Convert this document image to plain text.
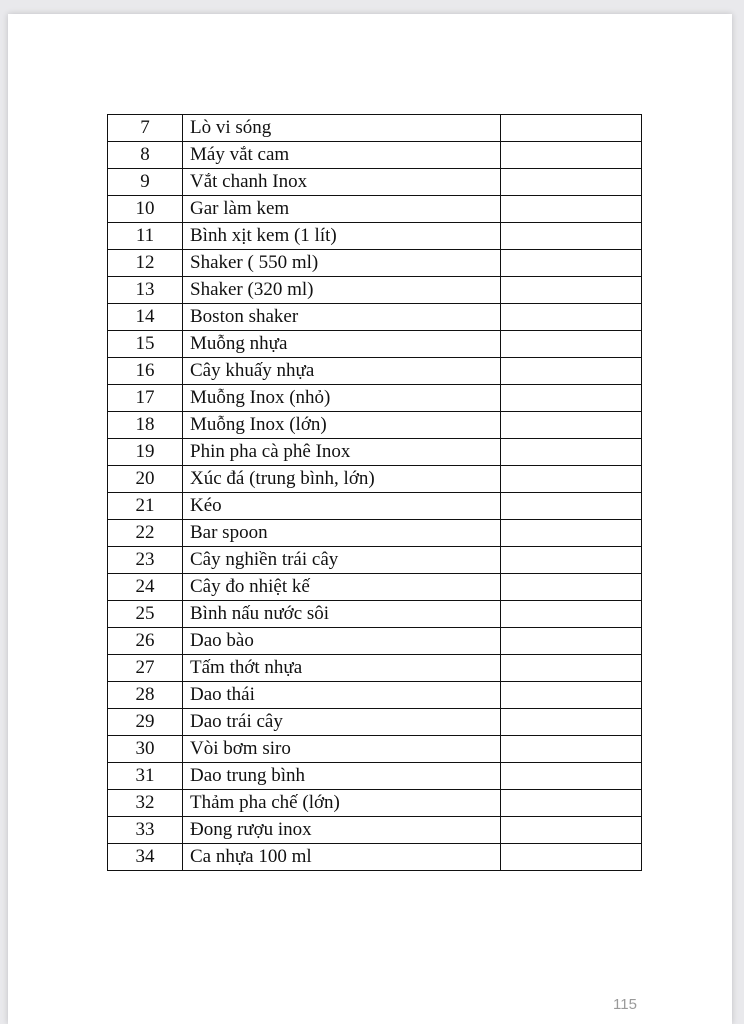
7	Lò vi sóng	
8	Máy vắt cam	
9	Vắt chanh Inox	
10	Gar làm kem	
11	Bình xịt kem (1 lít)	
12	Shaker ( 550 ml)	
13	Shaker (320 ml)	
14	Boston shaker	
15	Muỗng nhựa	
16	Cây khuấy nhựa	
17	Muỗng Inox (nhỏ)	
18	Muỗng Inox (lớn)	
19	Phin pha cà phê Inox	
20	Xúc đá (trung bình, lớn)	
21	Kéo	
22	Bar spoon	
23	Cây nghiền trái cây	
24	Cây đo nhiệt kế	
25	Bình nấu nước sôi	
26	Dao bào	
27	Tấm thớt nhựa	
28	Dao thái	
29	Dao trái cây	
30	Vòi bơm siro	
31	Dao trung bình	
32	Thảm pha chế (lớn)	
33	Đong rượu inox	
34	Ca nhựa 100 ml	
115
